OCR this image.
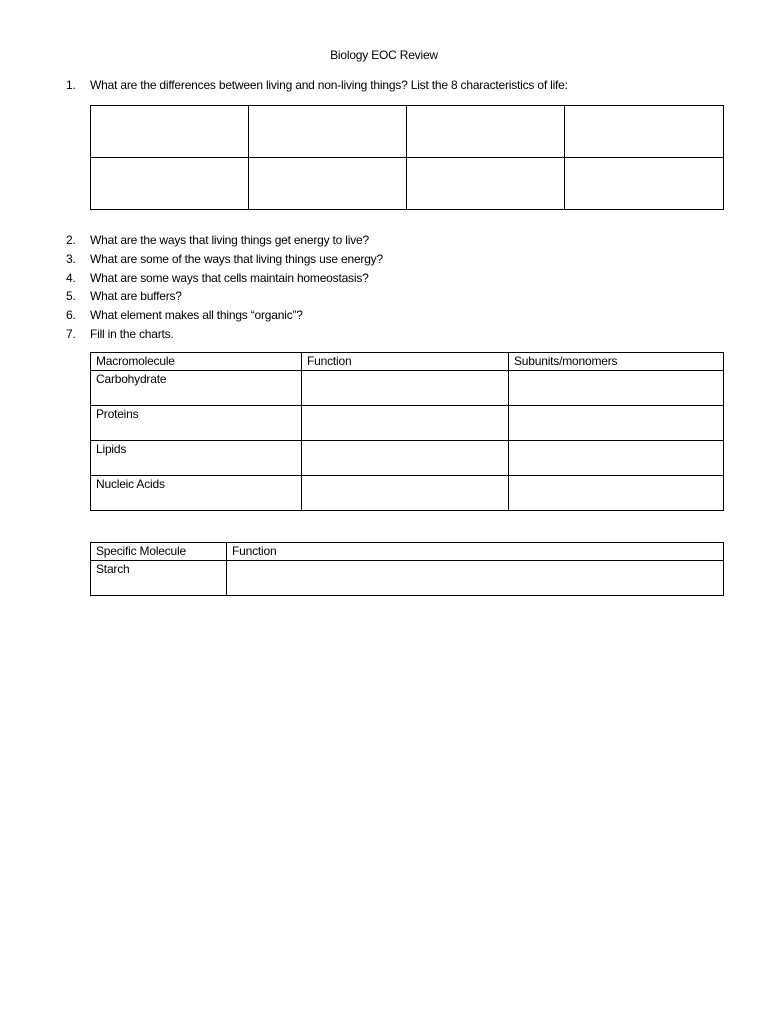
Biology EOC Review
1. What are the differences between living and non-living things? List the 8 characteristics of life:

2. What are the ways that living things get energy to live?
3. What are some of the ways that living things use energy?
4. What are some ways that cells maintain homeostasis?
5. What are buffers?
6. What element makes all things “organic”?
7. Fill in the charts.
Macromolecule	Function	Subunits/monomers
Carbohydrate		
Proteins		
Lipids		
Nucleic Acids		
Specific Molecule	Function
Starch	
